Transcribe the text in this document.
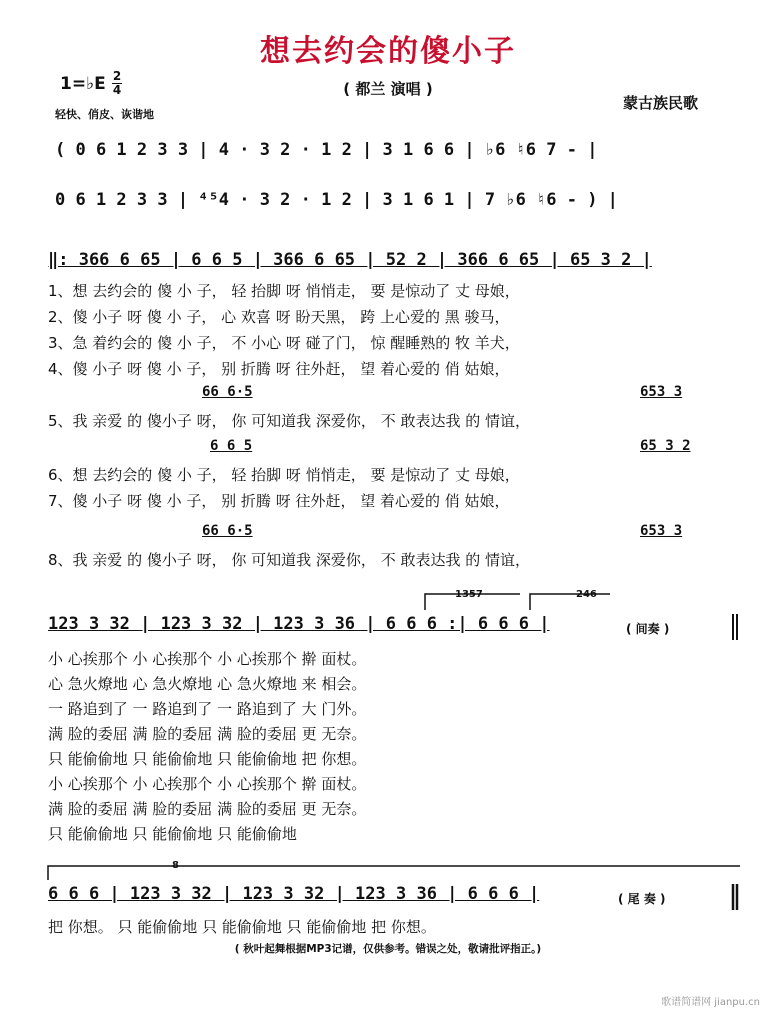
想去约会的傻小子
( 都兰 演唱 )
1=♭E 2
4
轻快、俏皮、诙谐地
蒙古族民歌
( 0 6 1 2 3 3 | 4 · 3 2 · 1 2 | 3 1 6 6 | ♭6 ♮6 7 - |
0 6 1 2 3 3 | ⁴⁵4 · 3 2 · 1 2 | 3 1 6 1 | 7 ♭6 ♮6 - ) |
‖: 366 6 65 | 6 6 5 | 366 6 65 | 52 2 | 366 6 65 | 65 3 2 |
1、想 去约会的 傻 小 子， 轻 抬脚 呀 悄悄走， 要 是惊动了 丈 母娘，
2、傻 小子 呀 傻 小 子， 心 欢喜 呀 盼天黑， 跨 上心爱的 黑 骏马，
3、急 着约会的 傻 小 子， 不 小心 呀 碰了门， 惊 醒睡熟的 牧 羊犬，
4、傻 小子 呀 傻 小 子， 别 折腾 呀 往外赶， 望 着心爱的 俏 姑娘，
66 6·5	653 3
5、我 亲爱 的 傻小子 呀， 你 可知道我 深爱你， 不 敢表达我 的 情谊，
6 6 5	65 3 2
6、想 去约会的 傻 小 子， 轻 抬脚 呀 悄悄走， 要 是惊动了 丈 母娘，
7、傻 小子 呀 傻 小 子， 别 折腾 呀 往外赶， 望 着心爱的 俏 姑娘，
66 6·5	653 3
8、我 亲爱 的 傻小子 呀， 你 可知道我 深爱你， 不 敢表达我 的 情谊，
1357	246
123 3 32 | 123 3 32 | 123 3 36 | 6 6 6 :| 6 6 6 |	( 间奏 )
小 心挨那个 小 心挨那个 小 心挨那个 擀 面杖。
心 急火燎地 心 急火燎地 心 急火燎地 来 相会。
一 路追到了 一 路追到了 一 路追到了 大 门外。
满 脸的委屈 满 脸的委屈 满 脸的委屈 更 无奈。
只 能偷偷地 只 能偷偷地 只 能偷偷地 把 你想。
小 心挨那个 小 心挨那个 小 心挨那个 擀 面杖。
满 脸的委屈 满 脸的委屈 满 脸的委屈 更 无奈。
只 能偷偷地 只 能偷偷地 只 能偷偷地
8
6 6 6 | 123 3 32 | 123 3 32 | 123 3 36 | 6 6 6 |	( 尾 奏 )
把 你想。 只 能偷偷地 只 能偷偷地 只 能偷偷地 把 你想。
( 秋叶起舞根据MP3记谱，仅供参考。错误之处，敬请批评指正。)
歌谱简谱网 jianpu.cn
